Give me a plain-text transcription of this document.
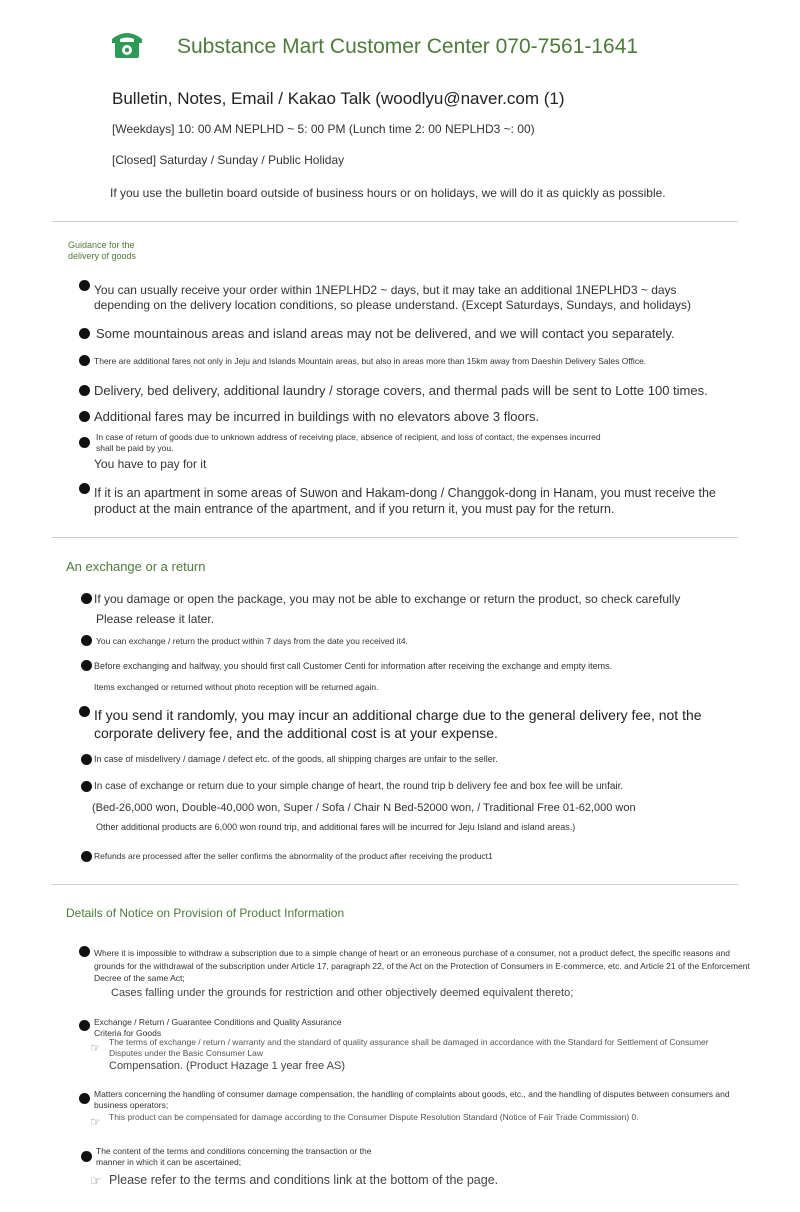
Substance Mart Customer Center 070-7561-1641
Bulletin, Notes, Email / Kakao Talk (woodlyu@naver.com (1)
[Weekdays] 10: 00 AM NEPLHD ~ 5: 00 PM (Lunch time 2: 00 NEPLHD3 ~: 00)
[Closed] Saturday / Sunday / Public Holiday
If you use the bulletin board outside of business hours or on holidays, we will do it as quickly as possible.
Guidance for the
delivery of goods
You can usually receive your order within 1NEPLHD2 ~ days, but it may take an additional 1NEPLHD3 ~ days depending on the delivery location conditions, so please understand. (Except Saturdays, Sundays, and holidays)
Some mountainous areas and island areas may not be delivered, and we will contact you separately.
There are additional fares not only in Jeju and Islands Mountain areas, but also in areas more than 15km away from Daeshin Delivery Sales Office.
Delivery, bed delivery, additional laundry / storage covers, and thermal pads will be sent to Lotte 100 times.
Additional fares may be incurred in buildings with no elevators above 3 floors.
In case of return of goods due to unknown address of receiving place, absence of recipient, and loss of contact, the expenses incurred
shall be paid by you.
You have to pay for it
If it is an apartment in some areas of Suwon and Hakam-dong / Changgok-dong in Hanam, you must receive the product at the main entrance of the apartment, and if you return it, you must pay for the return.
An exchange or a return
If you damage or open the package, you may not be able to exchange or return the product, so check carefully
Please release it later.
You can exchange / return the product within 7 days from the date you received it4.
Before exchanging and halfway, you should first call Customer Centi for information after receiving the exchange and empty items.
Items exchanged or returned without photo reception will be returned again.
If you send it randomly, you may incur an additional charge due to the general delivery fee, not the corporate delivery fee, and the additional cost is at your expense.
In case of misdelivery / damage / defect etc. of the goods, all shipping charges are unfair to the seller.
In case of exchange or return due to your simple change of heart, the round trip b delivery fee and box fee will be unfair.
(Bed-26,000 won, Double-40,000 won, Super / Sofa / Chair N Bed-52000 won, / Traditional Free 01-62,000 won
Other additional products are 6,000 won round trip, and additional fares will be incurred for Jeju Island and island areas.)
Refunds are processed after the seller confirms the abnormality of the product after receiving the product1
Details of Notice on Provision of Product Information
Where it is impossible to withdraw a subscription due to a simple change of heart or an erroneous purchase of a consumer, not a product defect, the specific reasons and grounds for the withdrawal of the subscription under Article 17, paragraph 22, of the Act on the Protection of Consumers in E-commerce, etc. and Article 21 of the Enforcement Decree of the same Act;
Cases falling under the grounds for restriction and other objectively deemed equivalent thereto;
Exchange / Return / Guarantee Conditions and Quality Assurance
Criteria for Goods
☞ The terms of exchange / return / warranty and the standard of quality assurance shall be damaged in accordance with the Standard for Settlement of Consumer Disputes under the Basic Consumer Law
Compensation. (Product Hazage 1 year free AS)
Matters concerning the handling of consumer damage compensation, the handling of complaints about goods, etc., and the handling of disputes between consumers and business operators;
☞ This product can be compensated for damage according to the Consumer Dispute Resolution Standard (Notice of Fair Trade Commission) 0.
The content of the terms and conditions concerning the transaction or the
manner in which it can be ascertained;
☞ Please refer to the terms and conditions link at the bottom of the page.
